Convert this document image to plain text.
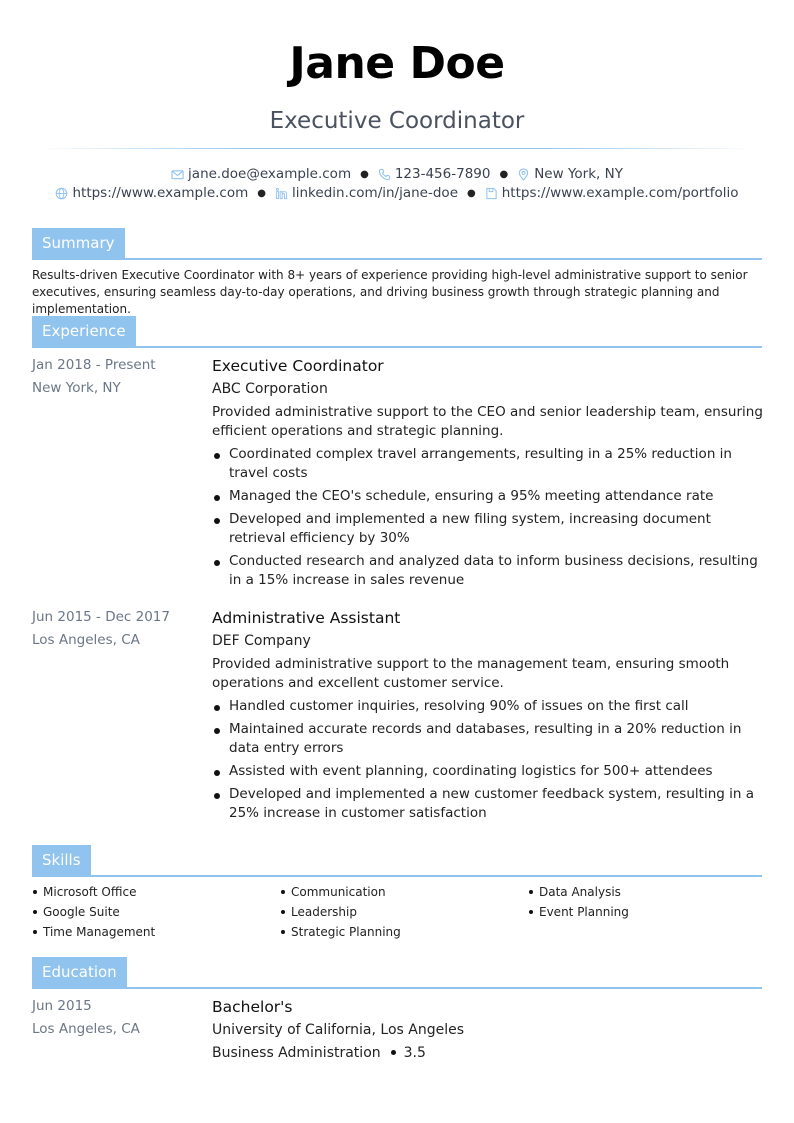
Jane Doe
Executive Coordinator
jane.doe@example.com ● 123-456-7890 ● New York, NY
https://www.example.com ● linkedin.com/in/jane-doe ● https://www.example.com/portfolio
Summary
Results-driven Executive Coordinator with 8+ years of experience providing high-level administrative support to senior executives, ensuring seamless day-to-day operations, and driving business growth through strategic planning and implementation.
Experience
Jan 2018 - Present
New York, NY
Executive Coordinator
ABC Corporation
Provided administrative support to the CEO and senior leadership team, ensuring efficient operations and strategic planning.
Coordinated complex travel arrangements, resulting in a 25% reduction in travel costs
Managed the CEO's schedule, ensuring a 95% meeting attendance rate
Developed and implemented a new filing system, increasing document retrieval efficiency by 30%
Conducted research and analyzed data to inform business decisions, resulting in a 15% increase in sales revenue
Jun 2015 - Dec 2017
Los Angeles, CA
Administrative Assistant
DEF Company
Provided administrative support to the management team, ensuring smooth operations and excellent customer service.
Handled customer inquiries, resolving 90% of issues on the first call
Maintained accurate records and databases, resulting in a 20% reduction in data entry errors
Assisted with event planning, coordinating logistics for 500+ attendees
Developed and implemented a new customer feedback system, resulting in a 25% increase in customer satisfaction
Skills
Microsoft Office	Communication	Data Analysis
Google Suite	Leadership	Event Planning
Time Management	Strategic Planning
Education
Jun 2015
Los Angeles, CA
Bachelor's
University of California, Los Angeles
Business Administration 3.5
